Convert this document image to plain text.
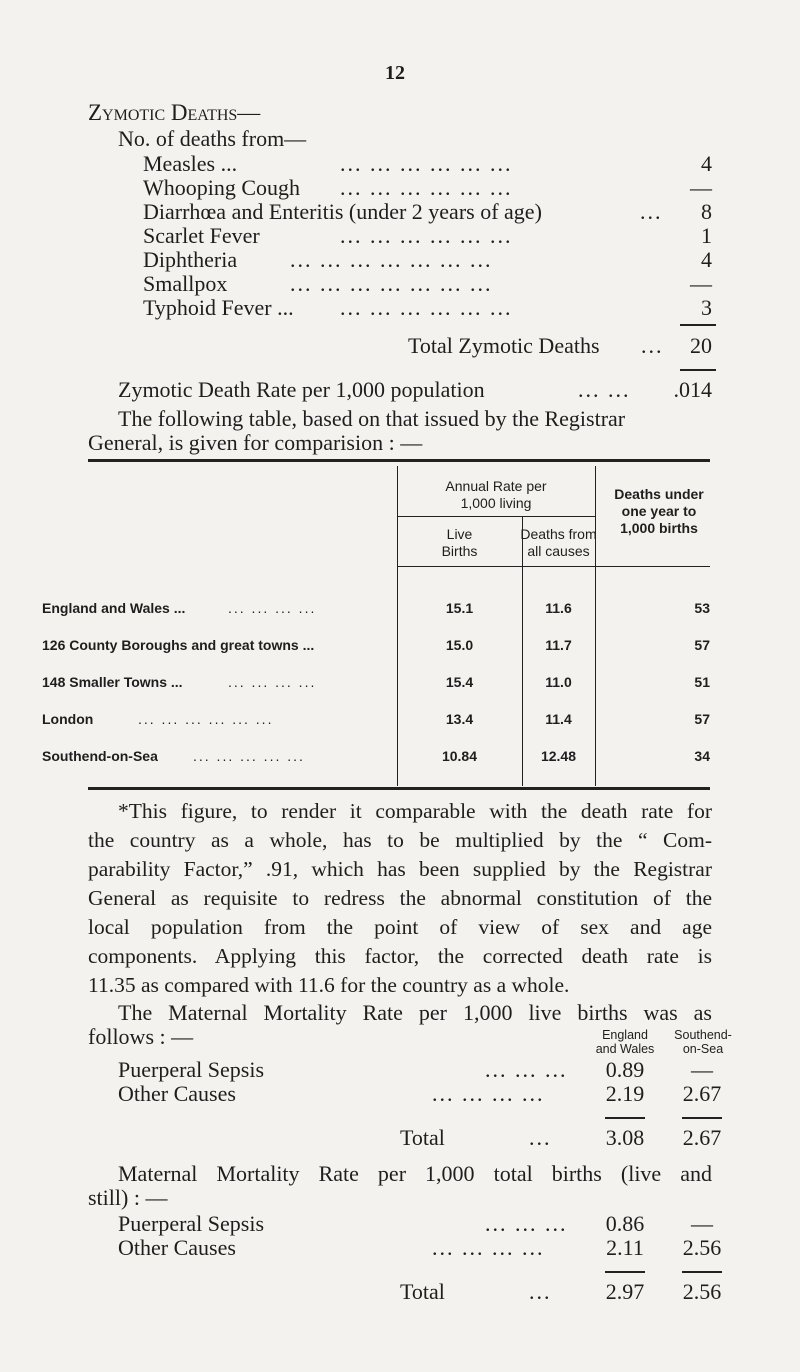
12
Zymotic Deaths—
No. of deaths from—
Measles ...	... ... ... ... ... ...	4
Whooping Cough ... ... ... ... ... ...	—
Diarrhœa and Enteritis (under 2 years of age)	...	8
Scarlet Fever	... ... ... ... ... ...	1
Diphtheria ... ... ... ... ... ... ...	4
Smallpox	... ... ... ... ... ... ...	—
Typhoid Fever ... ... ... ... ... ... ...	3
Total Zymotic Deaths ...	20
Zymotic Death Rate per 1,000 population	... ...	.014
The following table, based on that issued by the Registrar
General, is given for comparision : —
Annual Rate per
1,000 living
Deaths under
one year to
1,000 births
Live
Births
Deaths from
all causes
England and Wales ...	... ... ... ...	15.1	11.6	53
126 County Boroughs and great towns ...	15.0	11.7	57
148 Smaller Towns ...	... ... ... ...	15.4	11.0	51
London	... ... ... ... ... ...	13.4	11.4	57
Southend-on-Sea	... ... ... ... ...	10.84	12.48	34
*This figure, to render it comparable with the death rate for
the country as a whole, has to be multiplied by the “ Com-
parability Factor,” .91, which has been supplied by the Registrar
General as requisite to redress the abnormal constitution of the
local population from the point of view of sex and age
components. Applying this factor, the corrected death rate is
11.35 as compared with 11.6 for the country as a whole.
The Maternal Mortality Rate per 1,000 live births was as
follows : —	England
and Wales
Southend-
on-Sea
Puerperal Sepsis	... ... ...	0.89	—
Other Causes	... ... ... ...	2.19	2.67
Total	...	3.08	2.67
Maternal Mortality Rate per 1,000 total births (live and
still) : —
Puerperal Sepsis	... ... ...	0.86	—
Other Causes	... ... ... ...	2.11	2.56
Total	...	2.97	2.56
